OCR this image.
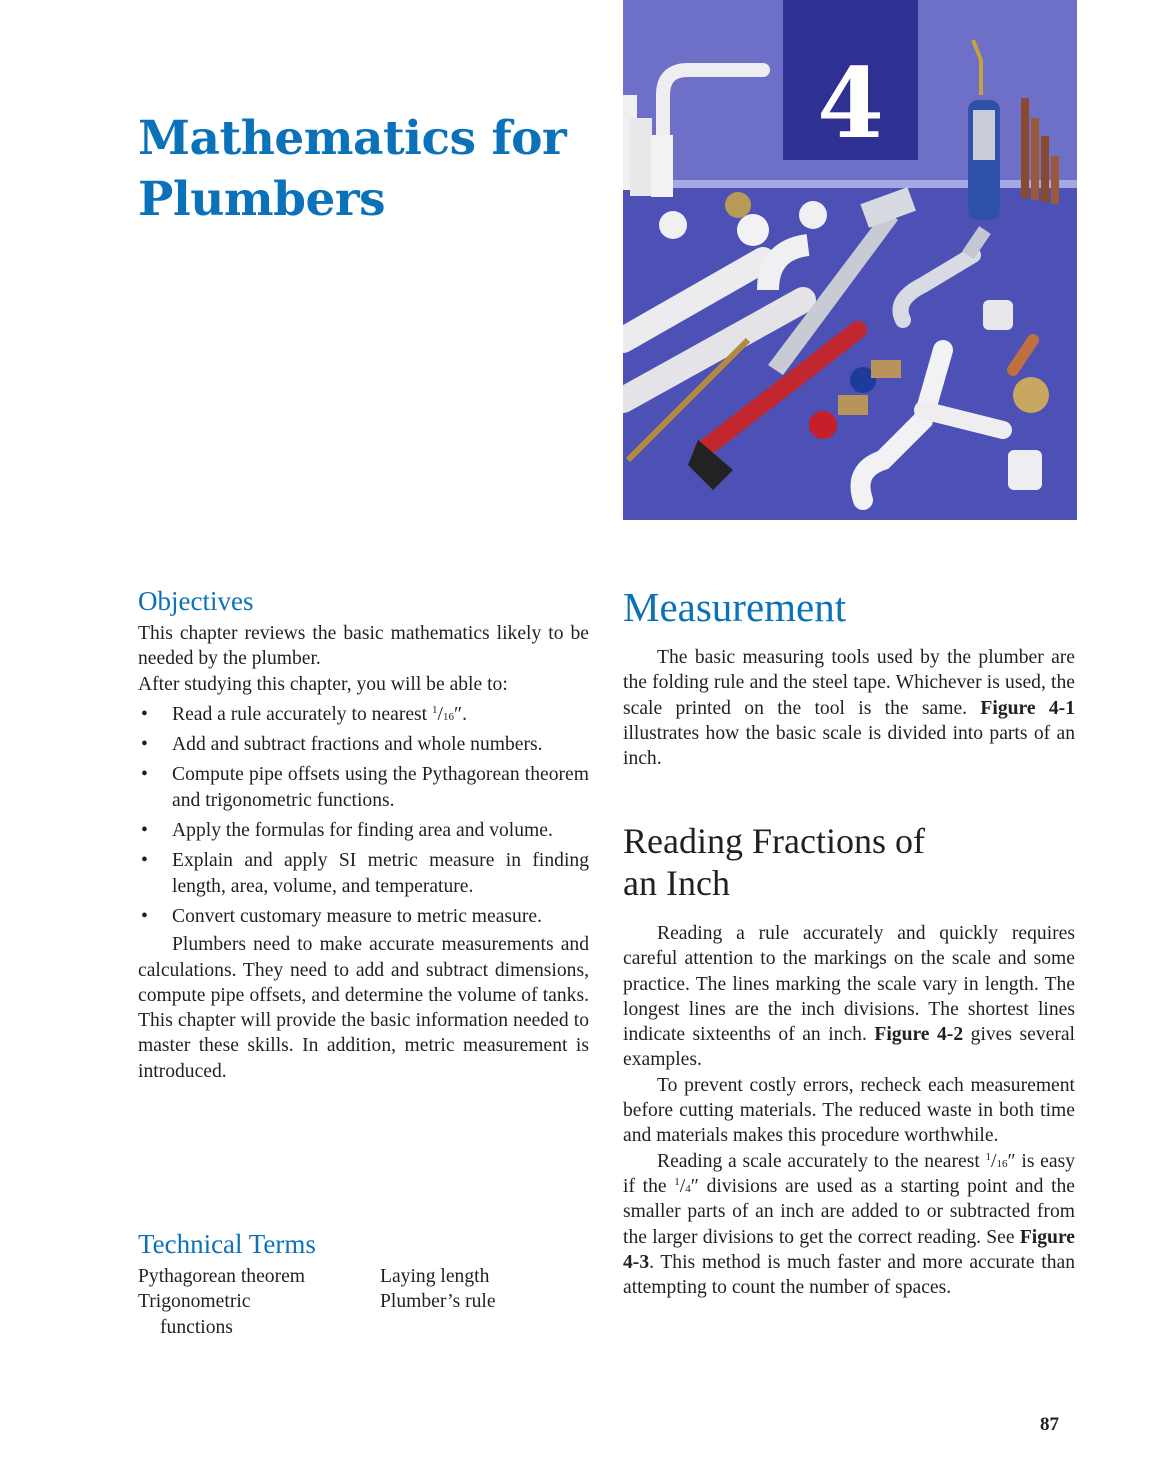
Mathematics for
Plumbers
4
Objectives

This chapter reviews the basic mathematics likely to be needed by the plumber.

After studying this chapter, you will be able to:

• Read a rule accurately to nearest $^1$/16″.
• Add and subtract fractions and whole numbers.
• Compute pipe offsets using the Pythagorean theorem and trigonometric functions.
• Apply the formulas for finding area and volume.
• Explain and apply SI metric measure in finding length, area, volume, and temperature.
• Convert customary measure to metric measure.

Plumbers need to make accurate measurements and calculations. They need to add and subtract dimensions, compute pipe offsets, and determine the volume of tanks. This chapter will provide the basic information needed to master these skills. In addition, metric measurement is introduced.

Technical Terms
Pythagorean theorem
Trigonometric
functions
Laying length
Plumber’s rule
Measurement

The basic measuring tools used by the plumber are the folding rule and the steel tape. Whichever is used, the scale printed on the tool is the same. Figure 4-1 illustrates how the basic scale is divided into parts of an inch.

Reading Fractions of
an Inch

Reading a rule accurately and quickly requires careful attention to the markings on the scale and some practice. The lines marking the scale vary in length. The longest lines are the inch divisions. The shortest lines indicate sixteenths of an inch. Figure 4-2 gives several examples.

To prevent costly errors, recheck each measurement before cutting materials. The reduced waste in both time and materials makes this procedure worthwhile.

Reading a scale accurately to the nearest $^1$/16″ is easy if the $^1$/4″ divisions are used as a starting point and the smaller parts of an inch are added to or subtracted from the larger divisions to get the correct reading. See Figure 4-3. This method is much faster and more accurate than attempting to count the number of spaces.

87
